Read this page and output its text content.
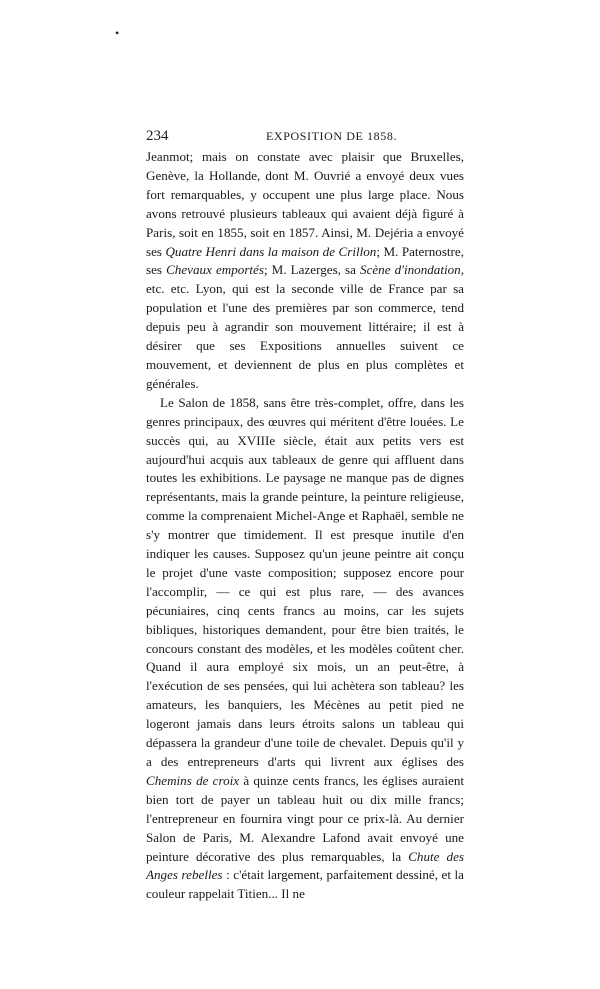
•
234	EXPOSITION DE 1858.

Jeanmot; mais on constate avec plaisir que Bruxelles, Genève, la Hollande, dont M. Ouvrié a envoyé deux vues fort remarquables, y occupent une plus large place. Nous avons retrouvé plusieurs tableaux qui avaient déjà figuré à Paris, soit en 1855, soit en 1857. Ainsi, M. Dejéria a envoyé ses Quatre Henri dans la maison de Crillon; M. Paternostre, ses Chevaux emportés; M. Lazerges, sa Scène d'inondation, etc. etc. Lyon, qui est la seconde ville de France par sa population et l'une des premières par son commerce, tend depuis peu à agrandir son mouvement littéraire; il est à désirer que ses Expositions annuelles suivent ce mouvement, et deviennent de plus en plus complètes et générales.

Le Salon de 1858, sans être très-complet, offre, dans les genres principaux, des œuvres qui méritent d'être louées. Le succès qui, au XVIIIe siècle, était aux petits vers est aujourd'hui acquis aux tableaux de genre qui affluent dans toutes les exhibitions. Le paysage ne manque pas de dignes représentants, mais la grande peinture, la peinture religieuse, comme la comprenaient Michel-Ange et Raphaël, semble ne s'y montrer que timidement. Il est presque inutile d'en indiquer les causes. Supposez qu'un jeune peintre ait conçu le projet d'une vaste composition; supposez encore pour l'accomplir, — ce qui est plus rare, — des avances pécuniaires, cinq cents francs au moins, car les sujets bibliques, historiques demandent, pour être bien traités, le concours constant des modèles, et les modèles coûtent cher. Quand il aura employé six mois, un an peut-être, à l'exécution de ses pensées, qui lui achètera son tableau? les amateurs, les banquiers, les Mécènes au petit pied ne logeront jamais dans leurs étroits salons un tableau qui dépassera la grandeur d'une toile de chevalet. Depuis qu'il y a des entrepreneurs d'arts qui livrent aux églises des Chemins de croix à quinze cents francs, les églises auraient bien tort de payer un tableau huit ou dix mille francs; l'entrepreneur en fournira vingt pour ce prix-là. Au dernier Salon de Paris, M. Alexandre Lafond avait envoyé une peinture décorative des plus remarquables, la Chute des Anges rebelles : c'était largement, parfaitement dessiné, et la couleur rappelait Titien... Il ne
